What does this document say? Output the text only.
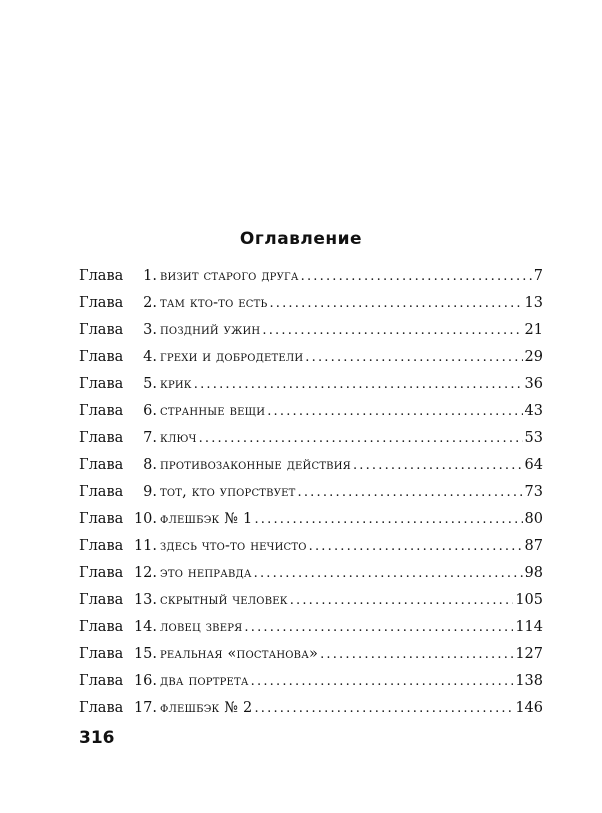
Оглавление
Глава	1. визит старого друга .....	7
Глава	2. там кто-то есть .....	13
Глава	3. поздний ужин .....	21
Глава	4. грехи и добродетели .....	29
Глава	5. крик .....	36
Глава	6. странные вещи .....	43
Глава	7. ключ .....	53
Глава	8. противозаконные действия .....	64
Глава	9. тот, кто упорствует .....	73
Глава 10. флешбэк № 1 .....	80
Глава 11. здесь что-то нечисто .....	87
Глава 12. это неправда .....	98
Глава 13. скрытный человек .....	105
Глава 14. ловец зверя .....	114
Глава 15. реальная «постанова» .....	127
Глава 16. два портрета .....	138
Глава 17. флешбэк № 2 .....	146
316
